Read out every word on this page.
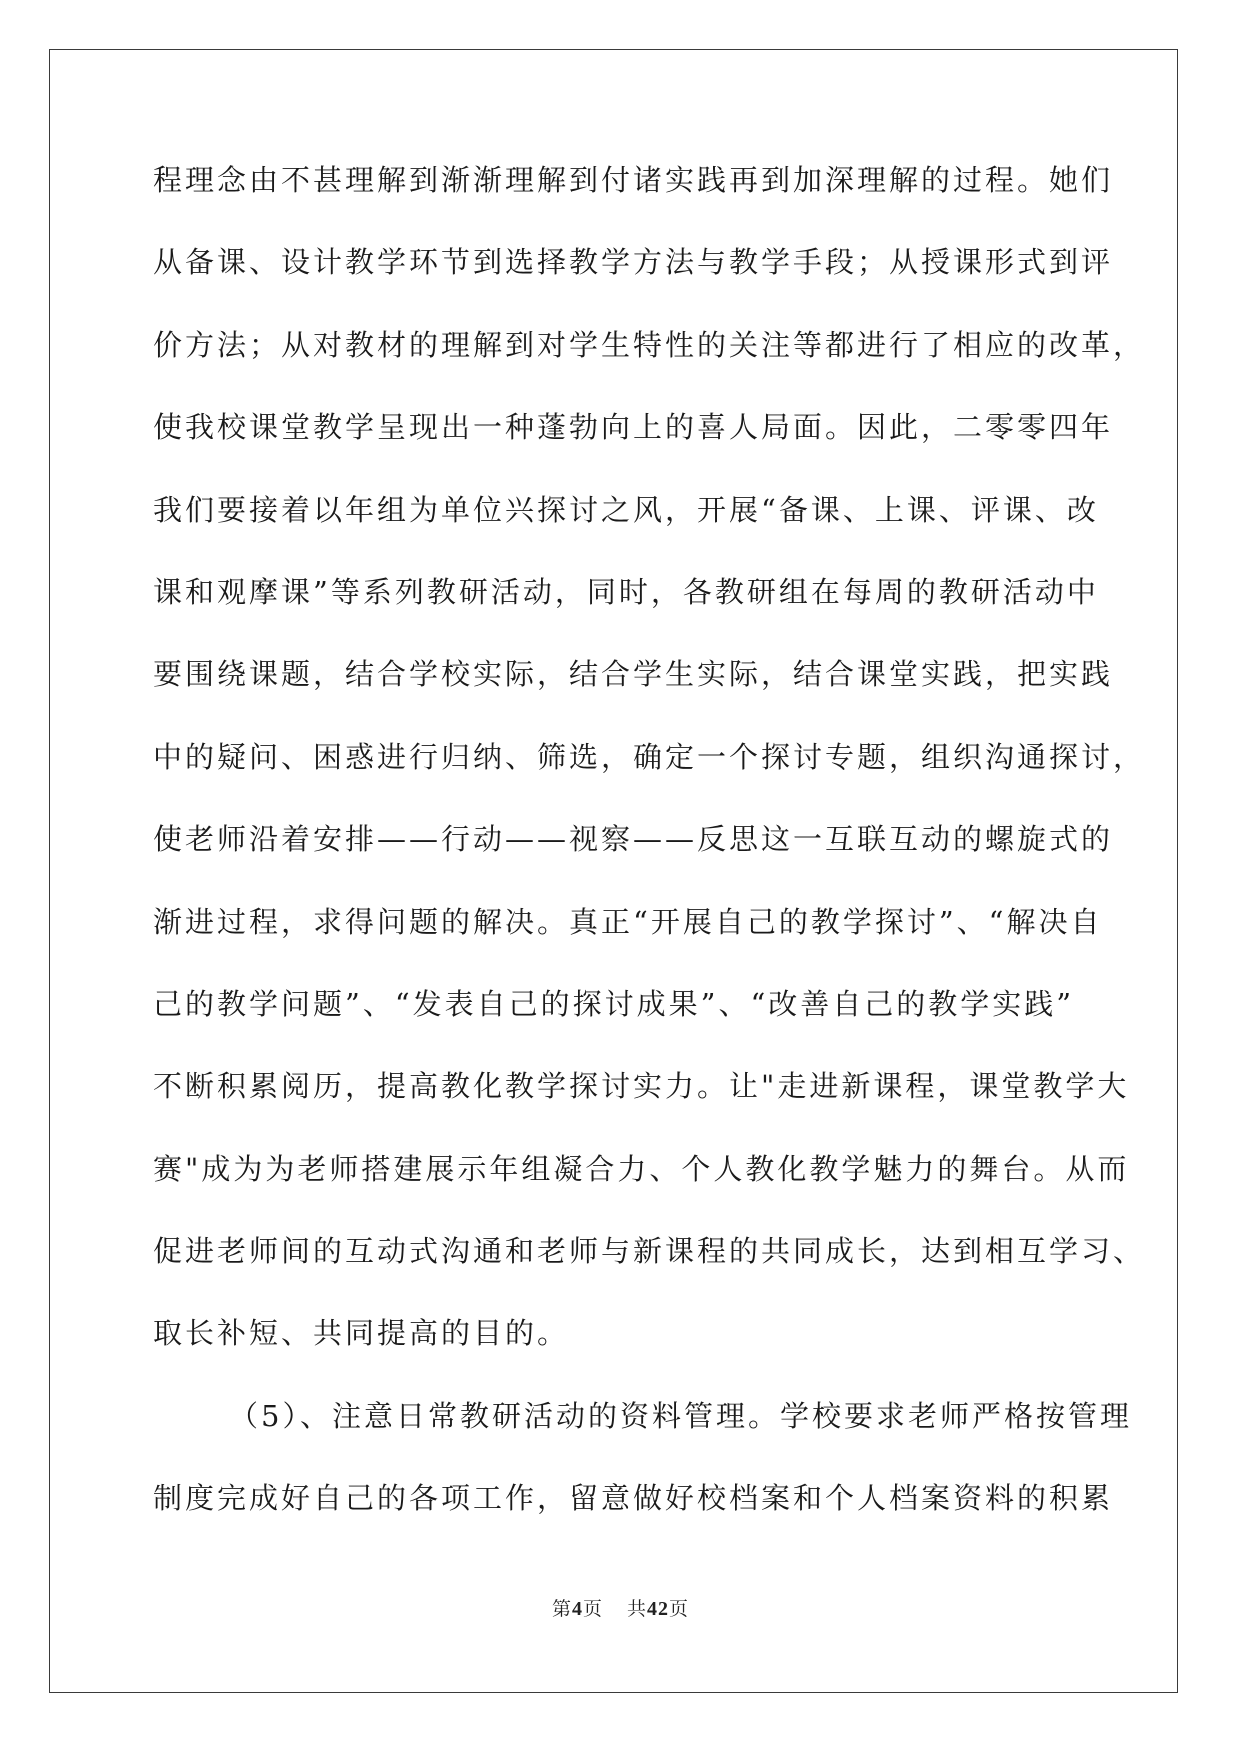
程理念由不甚理解到渐渐理解到付诸实践再到加深理解的过程。她们
从备课、设计教学环节到选择教学方法与教学手段；从授课形式到评
价方法；从对教材的理解到对学生特性的关注等都进行了相应的改革，
使我校课堂教学呈现出一种蓬勃向上的喜人局面。因此，二零零四年
我们要接着以年组为单位兴探讨之风，开展“备课、上课、评课、改
课和观摩课”等系列教研活动，同时，各教研组在每周的教研活动中
要围绕课题，结合学校实际，结合学生实际，结合课堂实践，把实践
中的疑问、困惑进行归纳、筛选，确定一个探讨专题，组织沟通探讨，
使老师沿着安排——行动——视察——反思这一互联互动的螺旋式的
渐进过程，求得问题的解决。真正“开展自己的教学探讨”、“解决自
己的教学问题”、“发表自己的探讨成果”、“改善自己的教学实践”
不断积累阅历，提高教化教学探讨实力。让"走进新课程，课堂教学大
赛"成为为老师搭建展示年组凝合力、个人教化教学魅力的舞台。从而
促进老师间的互动式沟通和老师与新课程的共同成长，达到相互学习、
取长补短、共同提高的目的。
（5）、注意日常教研活动的资料管理。学校要求老师严格按管理
制度完成好自己的各项工作，留意做好校档案和个人档案资料的积累
第4页 共42页
